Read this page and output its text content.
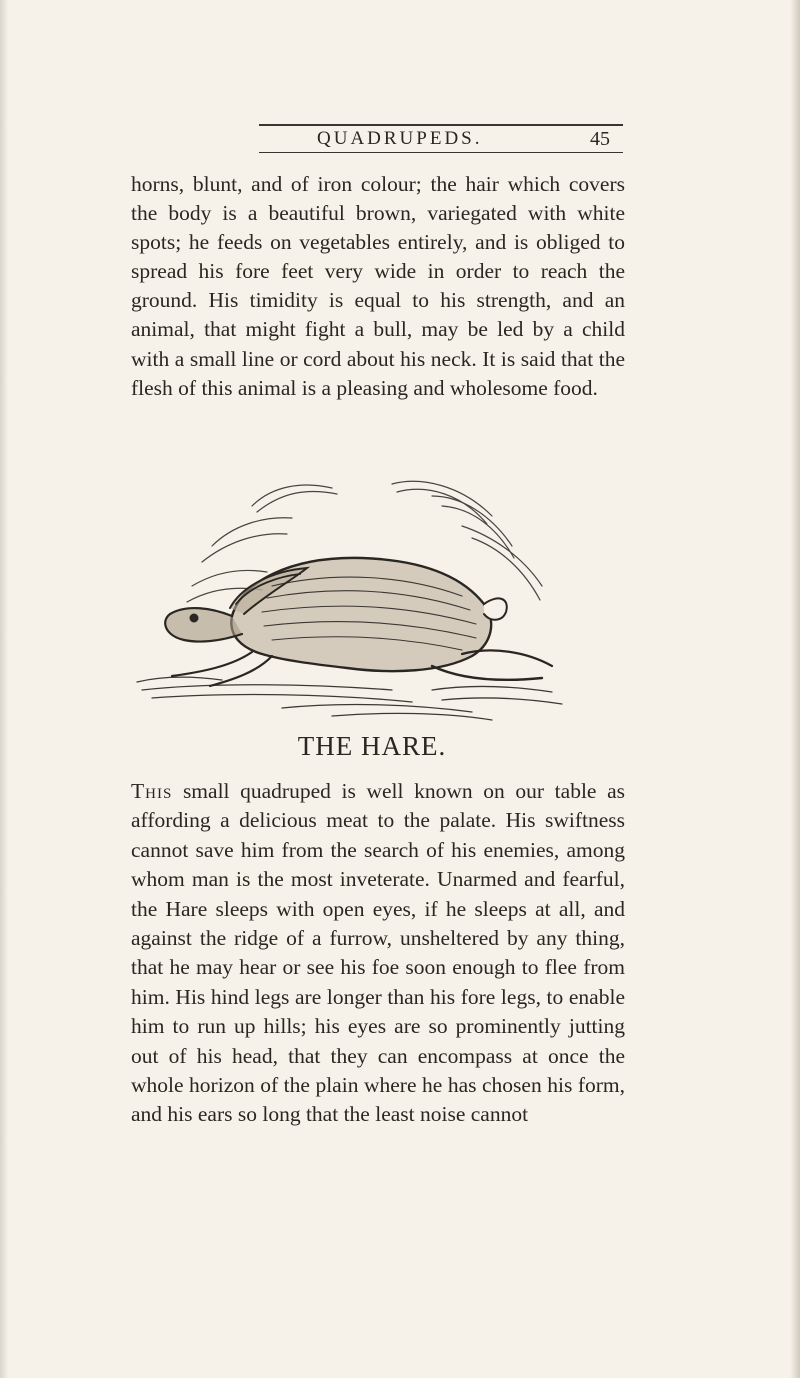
QUADRUPEDS.	45

horns, blunt, and of iron colour; the hair which covers the body is a beautiful brown, variegated with white spots; he feeds on vegetables entirely, and is obliged to spread his fore feet very wide in order to reach the ground. His timidity is equal to his strength, and an animal, that might fight a bull, may be led by a child with a small line or cord about his neck. It is said that the flesh of this animal is a pleasing and wholesome food.

THE HARE.

This small quadruped is well known on our table as affording a delicious meat to the palate. His swiftness cannot save him from the search of his enemies, among whom man is the most inveterate. Unarmed and fearful, the Hare sleeps with open eyes, if he sleeps at all, and against the ridge of a furrow, unsheltered by any thing, that he may hear or see his foe soon enough to flee from him. His hind legs are longer than his fore legs, to enable him to run up hills; his eyes are so prominently jutting out of his head, that they can encompass at once the whole horizon of the plain where he has chosen his form, and his ears so long that the least noise cannot
